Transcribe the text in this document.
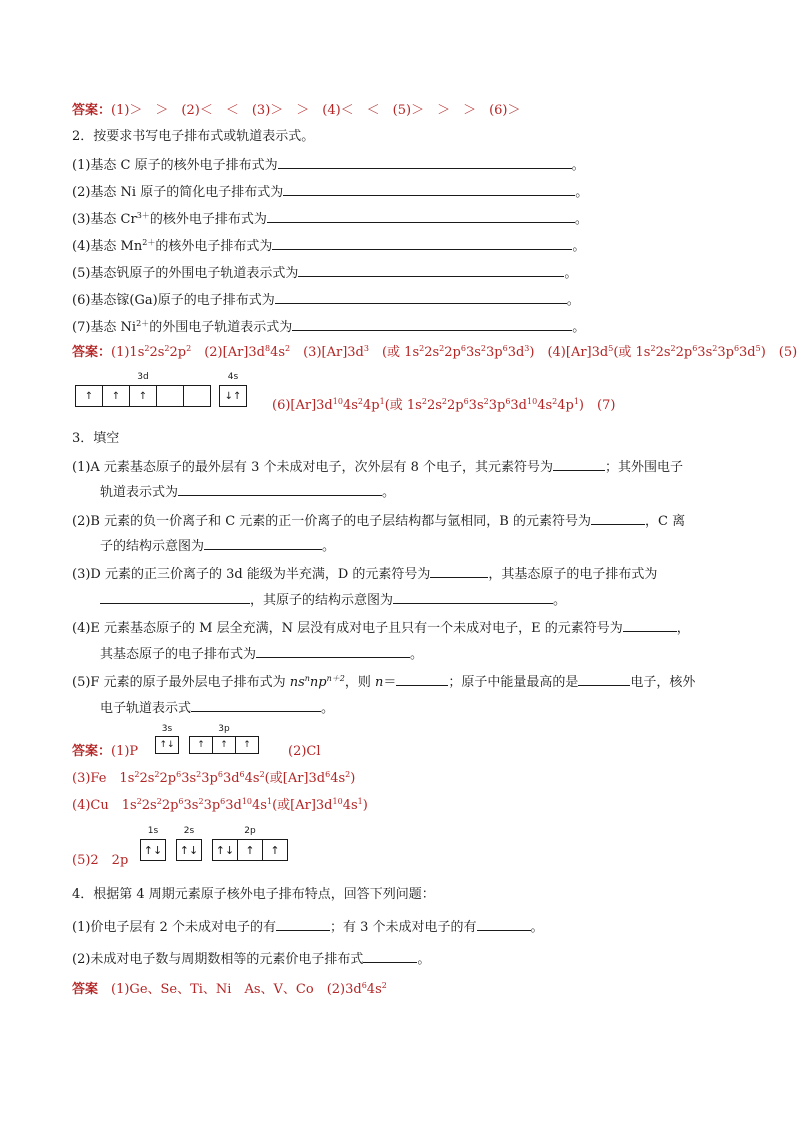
答案：(1)＞　＞　(2)＜　＜　(3)＞　＞　(4)＜　＜　(5)＞　＞　＞　(6)＞
2．按要求书写电子排布式或轨道表示式。
(1)基态 C 原子的核外电子排布式为	。
(2)基态 Ni 原子的简化电子排布式为	。
(3)基态 $Cr^{3+}$的核外电子排布式为	。
(4)基态 $Mn^{2+}$的核外电子排布式为	。
(5)基态钒原子的外围电子轨道表示式为	。
(6)基态镓(Ga)原子的电子排布式为	。
(7)基态 $Ni^{2+}$的外围电子轨道表示式为	。
答案：$(1)1s^22s^22p^2$　$(2)[Ar]3d^84s^2$　$(3)[Ar]3d^3$　(或 $1s^22s^22p^63s^23p^63d^3$)　$(4)[Ar]3d^5$(或 $1s^22s^22p^63s^23p^63d^5$)　(5)
3d
↑	↑	↑
4s
↓↑
$(6)[Ar]3d^{10}4s^24p^1$(或 $1s^22s^22p^63s^23p^63d^{10}4s^24p^1$)　(7)
3．填空
(1)A 元素基态原子的最外层有 3 个未成对电子，次外层有 8 个电子，其元素符号为	；其外围电子
轨道表示式为	。
(2)B 元素的负一价离子和 C 元素的正一价离子的电子层结构都与氩相同，B 的元素符号为	，C 离
子的结构示意图为	。
(3)D 元素的正三价离子的 3d 能级为半充满，D 的元素符号为	，其基态原子的电子排布式为
，其原子的结构示意图为	。
(4)E 元素基态原子的 M 层全充满，N 层没有成对电子且只有一个未成对电子，E 的元素符号为	，
其基态原子的电子排布式为	。
(5)F 元素的原子最外层电子排布式为 $ns^nnp^{n+2}$，则 n＝	；原子中能量最高的是	电子，核外
电子轨道表示式	。
答案：(1)P
3s
↑↓
3p
↑	↑	↑	(2)Cl
(3)Fe　$1s^22s^22p^63s^23p^63d^64s^2$(或$[Ar]3d^64s^2$)
(4)Cu　$1s^22s^22p^63s^23p^63d^{10}4s^1$(或$[Ar]3d^{10}4s^1$)
1s
↑↓
2s
↑↓
2p
↑↓	↑	↑
(5)2　2p
4．根据第 4 周期元素原子核外电子排布特点，回答下列问题：
(1)价电子层有 2 个未成对电子的有	；有 3 个未成对电子的有	。
(2)未成对电子数与周期数相等的元素价电子排布式	。
答案　(1)Ge、Se、Ti、Ni　As、V、Co　$(2)3d^64s^2$
